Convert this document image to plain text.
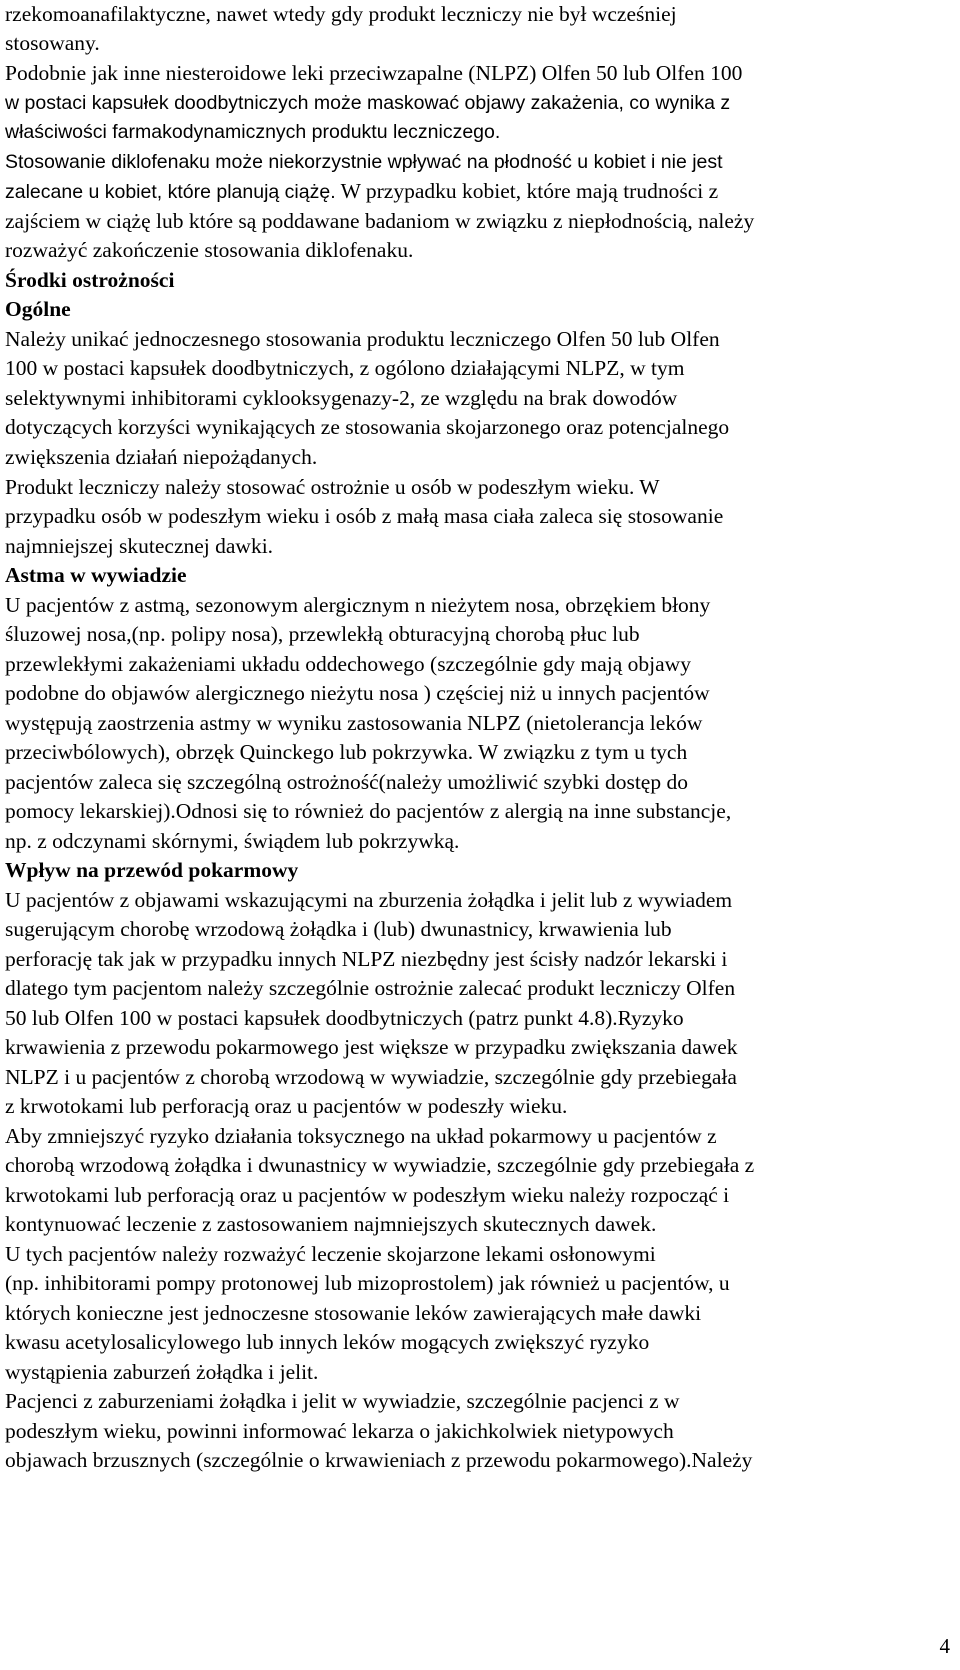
rzekomoanafilaktyczne, nawet wtedy gdy produkt leczniczy nie był wcześniej
stosowany.
Podobnie jak inne niesteroidowe leki przeciwzapalne (NLPZ) Olfen 50 lub Olfen 100
w postaci kapsułek doodbytniczych może maskować objawy zakażenia, co wynika z
właściwości farmakodynamicznych produktu leczniczego.
Stosowanie diklofenaku może niekorzystnie wpływać na płodność u kobiet i nie jest
zalecane u kobiet, które planują ciążę. W przypadku kobiet, które mają trudności z
zajściem w ciążę lub które są poddawane badaniom w związku z niepłodnością, należy
rozważyć zakończenie stosowania diklofenaku.
Środki ostrożności
Ogólne
Należy unikać jednoczesnego stosowania produktu leczniczego Olfen 50 lub Olfen
100 w postaci kapsułek doodbytniczych, z ogólono działającymi NLPZ, w tym
selektywnymi inhibitorami cyklooksygenazy-2, ze względu na brak dowodów
dotyczących korzyści wynikających ze stosowania skojarzonego oraz potencjalnego
zwiększenia działań niepożądanych.
Produkt leczniczy należy stosować ostrożnie u osób w podeszłym wieku. W
przypadku osób w podeszłym wieku i osób z małą masa ciała zaleca się stosowanie
najmniejszej skutecznej dawki.
Astma w wywiadzie
U pacjentów z astmą, sezonowym alergicznym n nieżytem nosa, obrzękiem błony
śluzowej nosa,(np. polipy nosa), przewlekłą obturacyjną chorobą płuc lub
przewlekłymi zakażeniami układu oddechowego (szczególnie gdy mają objawy
podobne do objawów alergicznego nieżytu nosa ) częściej niż u innych pacjentów
występują zaostrzenia astmy w wyniku zastosowania NLPZ (nietolerancja leków
przeciwbólowych), obrzęk Quinckego lub pokrzywka. W związku z tym u tych
pacjentów zaleca się szczególną ostrożność(należy umożliwić szybki dostęp do
pomocy lekarskiej).Odnosi się to również do pacjentów z alergią na inne substancje,
np. z odczynami skórnymi, świądem lub pokrzywką.
Wpływ na przewód pokarmowy
U pacjentów z objawami wskazującymi na zburzenia żołądka i jelit lub z wywiadem
sugerującym chorobę wrzodową żołądka i (lub) dwunastnicy, krwawienia lub
perforację tak jak w przypadku innych NLPZ niezbędny jest ścisły nadzór lekarski i
dlatego tym pacjentom należy szczególnie ostrożnie zalecać produkt leczniczy Olfen
50 lub Olfen 100 w postaci kapsułek doodbytniczych (patrz punkt 4.8).Ryzyko
krwawienia z przewodu pokarmowego jest większe w przypadku zwiększania dawek
NLPZ i u pacjentów z chorobą wrzodową w wywiadzie, szczególnie gdy przebiegała
z krwotokami lub perforacją oraz u pacjentów w podeszły wieku.
Aby zmniejszyć ryzyko działania toksycznego na układ pokarmowy u pacjentów z
chorobą wrzodową żołądka i dwunastnicy w wywiadzie, szczególnie gdy przebiegała z
krwotokami lub perforacją oraz u pacjentów w podeszłym wieku należy rozpocząć i
kontynuować leczenie z zastosowaniem najmniejszych skutecznych dawek.
U tych pacjentów należy rozważyć leczenie skojarzone lekami osłonowymi
(np. inhibitorami pompy protonowej lub mizoprostolem) jak również u pacjentów, u
których konieczne jest jednoczesne stosowanie leków zawierających małe dawki
kwasu acetylosalicylowego lub innych leków mogących zwiększyć ryzyko
wystąpienia zaburzeń żołądka i jelit.
Pacjenci z zaburzeniami żołądka i jelit w wywiadzie, szczególnie pacjenci z w
podeszłym wieku, powinni informować lekarza o jakichkolwiek nietypowych
objawach brzusznych (szczególnie o krwawieniach z przewodu pokarmowego).Należy
4
